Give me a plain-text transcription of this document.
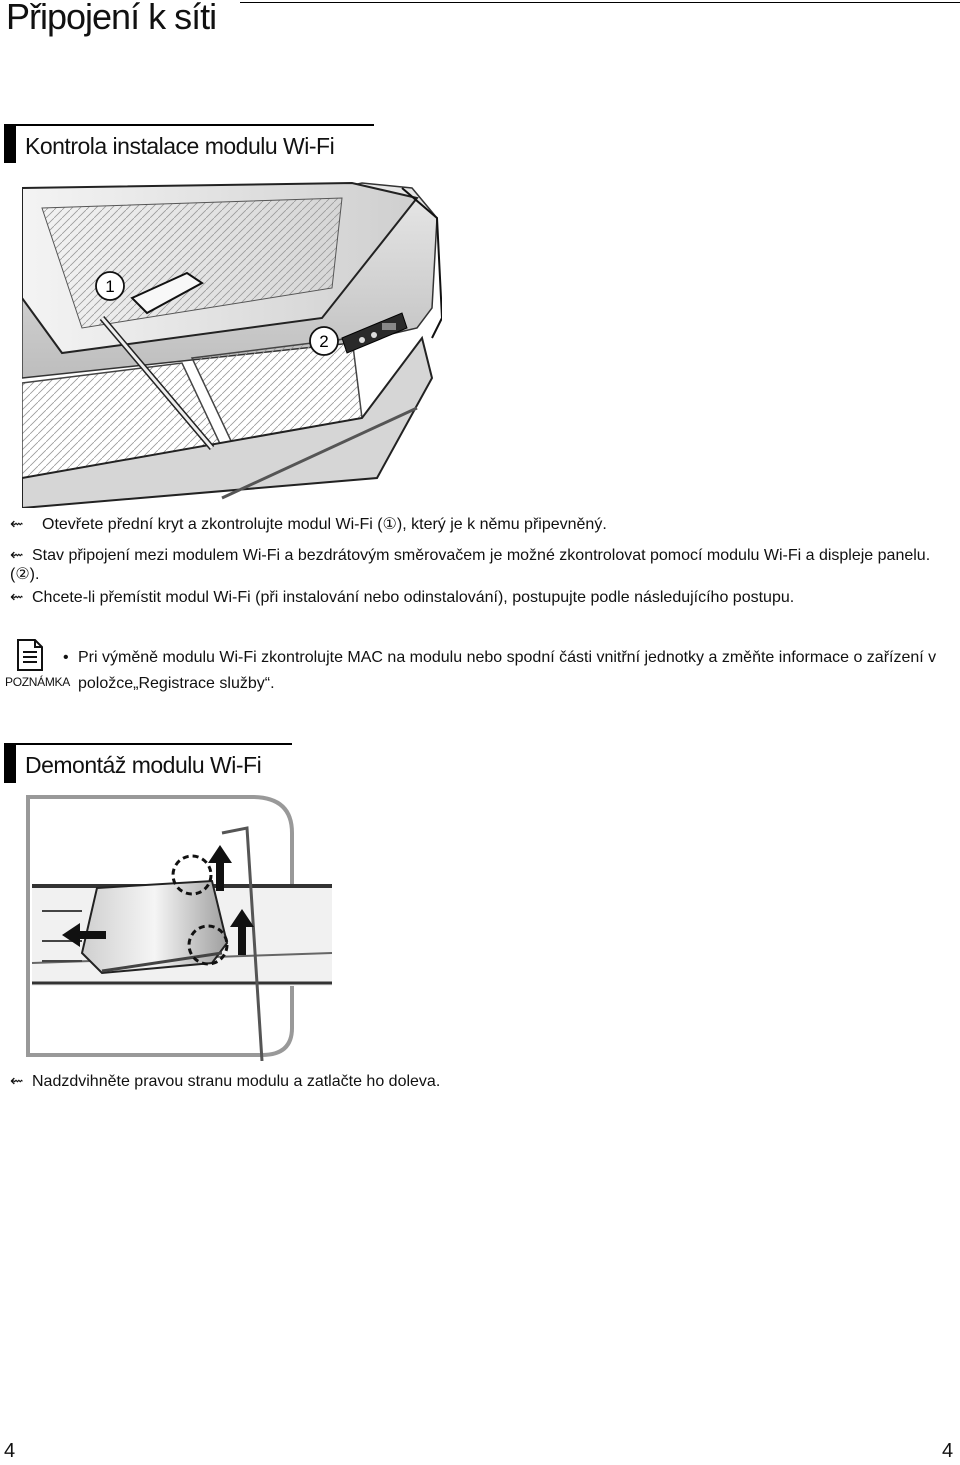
Připojení k síti
Kontrola instalace modulu Wi-Fi
1
2
⇜ Otevřete přední kryt a zkontrolujte modul Wi-Fi (①), který je k němu připevněný.
⇜ Stav připojení mezi modulem Wi-Fi a bezdrátovým směrovačem je možné zkontrolovat pomocí modulu Wi-Fi a displeje panelu. (②).
⇜ Chcete-li přemístit modul Wi-Fi (při instalování nebo odinstalování), postupujte podle následujícího postupu.
POZNÁMKA
• Pri výměně modulu Wi-Fi zkontrolujte MAC na modulu nebo spodní části vnitřní jednotky a změňte informace o zařízení v položce„Registrace služby“.
Demontáž modulu Wi-Fi
⇜ Nadzdvihněte pravou stranu modulu a zatlačte ho doleva.
4	4
